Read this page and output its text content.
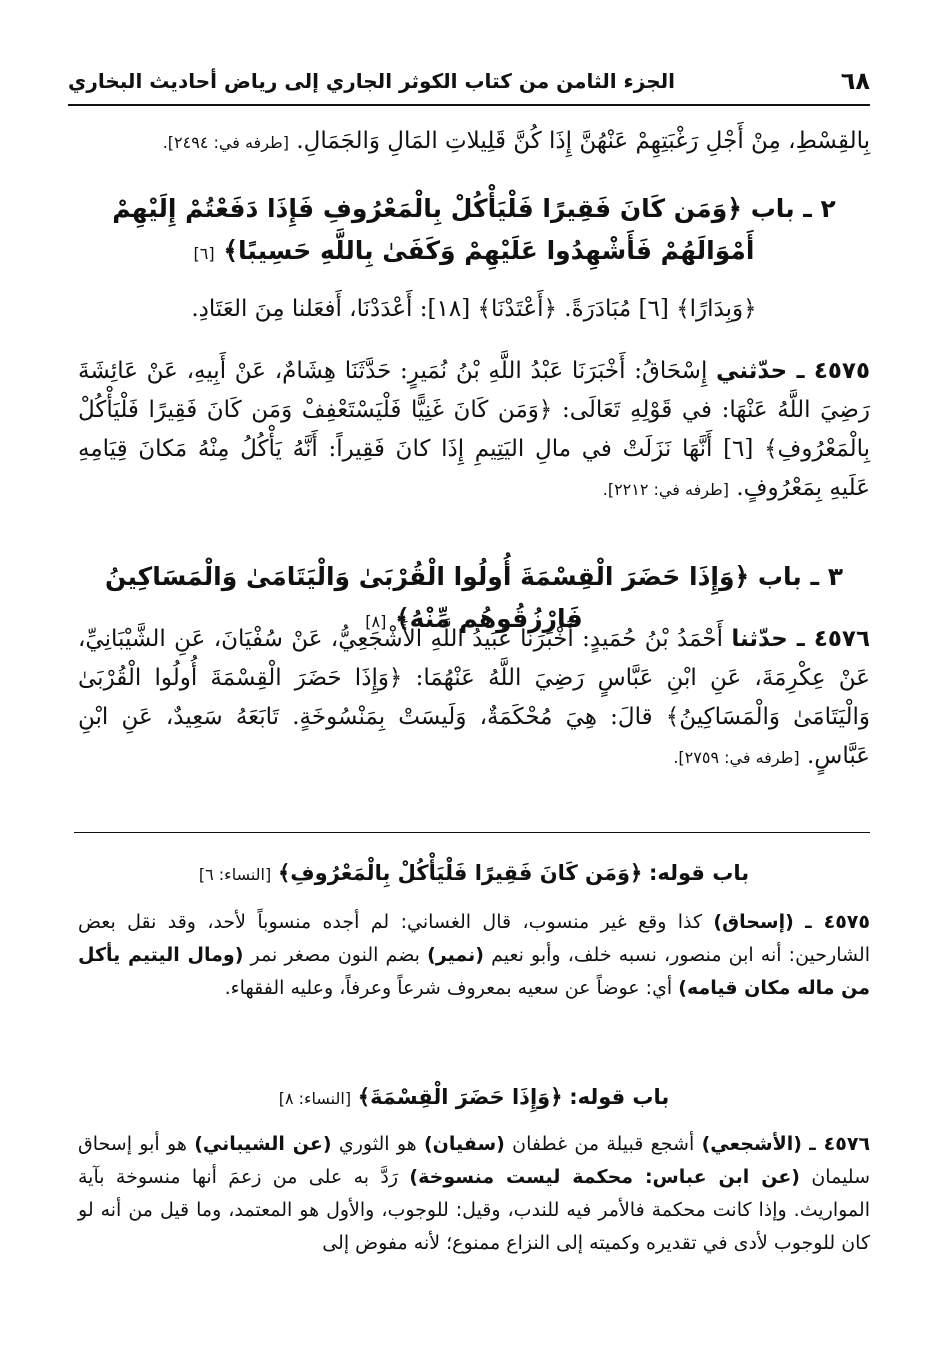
٦٨
الجزء الثامن من كتاب الكوثر الجاري إلى رياض أحاديث البخاري
بِالقِسْطِ، مِنْ أَجْلِ رَغْبَتِهِمْ عَنْهُنَّ إِذَا كُنَّ قَلِيلاتِ المَالِ وَالجَمَالِ. [طرفه في: ٢٤٩٤].
٢ ـ باب ﴿وَمَن كَانَ فَقِيرًا فَلْيَأْكُلْ بِالْمَعْرُوفِ فَإِذَا دَفَعْتُمْ إِلَيْهِمْ
أَمْوَالَهُمْ فَأَشْهِدُوا عَلَيْهِمْ وَكَفَىٰ بِاللَّهِ حَسِيبًا﴾ [٦]
﴿وَبِدَارًا﴾ [٦] مُبَادَرَةً. ﴿أَعْتَدْنَا﴾ [١٨]: أَعْدَدْنَا، أَفعَلنا مِنَ العَتَادِ.
٤٥٧٥ ـ حدّثني إِسْحَاقُ: أَخْبَرَنَا عَبْدُ اللَّهِ بْنُ نُمَيرٍ: حَدَّثَنَا هِشَامٌ، عَنْ أَبِيهِ، عَنْ عَائِشَةَ رَضِيَ اللَّهُ عَنْهَا: في قَوْلِهِ تَعَالَى: ﴿وَمَن كَانَ غَنِيًّا فَلْيَسْتَعْفِفْ وَمَن كَانَ فَقِيرًا فَلْيَأْكُلْ بِالْمَعْرُوفِ﴾ [٦] أَنَّهَا نَزَلَتْ في مالِ اليَتِيمِ إِذَا كانَ فَقِيراً: أَنَّهُ يَأْكُلُ مِنْهُ مَكانَ قِيَامِهِ عَلَيهِ بِمَعْرُوفٍ. [طرفه في: ٢٢١٢].
٣ ـ باب ﴿وَإِذَا حَضَرَ الْقِسْمَةَ أُولُوا الْقُرْبَىٰ وَالْيَتَامَىٰ وَالْمَسَاكِينُ فَارْزُقُوهُم مِّنْهُ﴾ [٨]
٤٥٧٦ ـ حدّثنا أَحْمَدُ بْنُ حُمَيدٍ: أَخْبَرَنَا عُبَيدُ اللَّهِ الأَشْجَعِيُّ، عَنْ سُفْيَانَ، عَنِ الشَّيْبَانِيِّ، عَنْ عِكْرِمَةَ، عَنِ ابْنِ عَبَّاسٍ رَضِيَ اللَّهُ عَنْهُمَا: ﴿وَإِذَا حَضَرَ الْقِسْمَةَ أُولُوا الْقُرْبَىٰ وَالْيَتَامَىٰ وَالْمَسَاكِينُ﴾ قالَ: هِيَ مُحْكَمَةٌ، وَلَيسَتْ بِمَنْسُوخَةٍ. تَابَعَهُ سَعِيدٌ، عَنِ ابْنِ عَبَّاسٍ. [طرفه في: ٢٧٥٩].
باب قوله: ﴿وَمَن كَانَ فَقِيرًا فَلْيَأْكُلْ بِالْمَعْرُوفِ﴾ [النساء: ٦]
٤٥٧٥ ـ (إسحاق) كذا وقع غير منسوب، قال الغساني: لم أجده منسوباً لأحد، وقد نقل بعض الشارحين: أنه ابن منصور، نسبه خلف، وأبو نعيم (نمير) بضم النون مصغر نمر (ومال اليتيم يأكل من ماله مكان قيامه) أي: عوضاً عن سعيه بمعروف شرعاً وعرفاً، وعليه الفقهاء.
باب قوله: ﴿وَإِذَا حَضَرَ الْقِسْمَةَ﴾ [النساء: ٨]
٤٥٧٦ ـ (الأشجعي) أشجع قبيلة من غطفان (سفيان) هو الثوري (عن الشيباني) هو أبو إسحاق سليمان (عن ابن عباس: محكمة ليست منسوخة) رَدَّ به على من زعمَ أنها منسوخة بآية المواريث. وإذا كانت محكمة فالأمر فيه للندب، وقيل: للوجوب، والأول هو المعتمد، وما قيل من أنه لو كان للوجوب لأدى في تقديره وكميته إلى النزاع ممنوع؛ لأنه مفوض إلى
